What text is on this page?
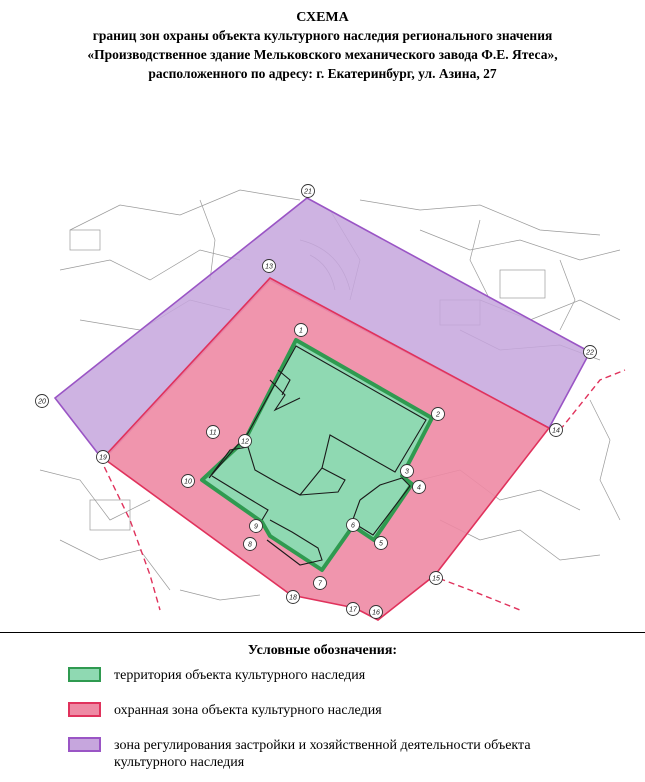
СХЕМА
границ зон охраны объекта культурного наследия регионального значения
«Производственное здание Мельковского механического завода Ф.Е. Ятеса»,
расположенного по адресу: г. Екатеринбург, ул. Азина, 27
1
2
3
4
5
6
7
8
9
10
11
12
13
14
15
16
17
18
19
20
21
22
Условные обозначения:
территория объекта культурного наследия
охранная зона объекта культурного наследия
зона регулирования застройки и хозяйственной деятельности объекта культурного наследия
